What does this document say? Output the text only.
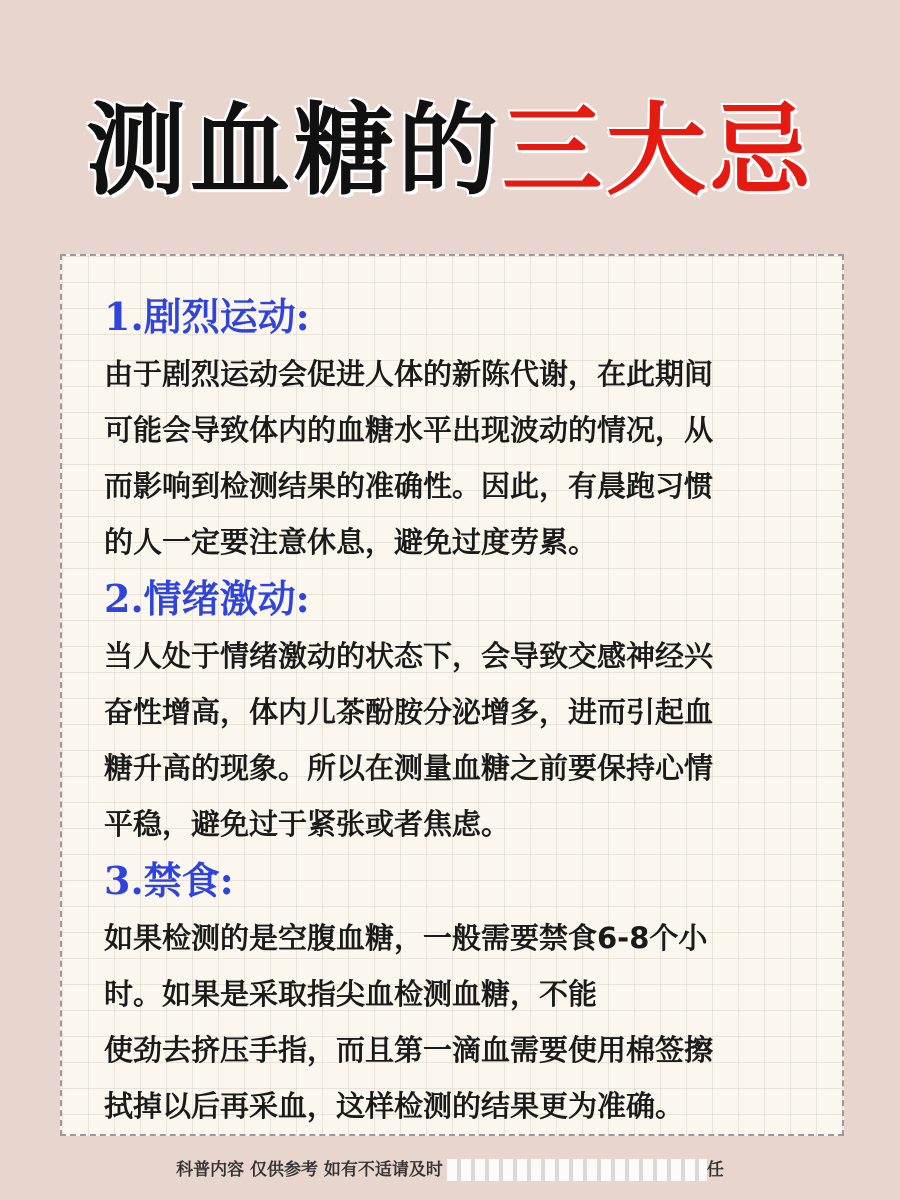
测血糖的三大忌
1.剧烈运动:
由于剧烈运动会促进人体的新陈代谢，在此期间
可能会导致体内的血糖水平出现波动的情况，从
而影响到检测结果的准确性。因此，有晨跑习惯
的人一定要注意休息，避免过度劳累。
2.情绪激动:
当人处于情绪激动的状态下，会导致交感神经兴
奋性增高，体内儿茶酚胺分泌增多，进而引起血
糖升高的现象。所以在测量血糖之前要保持心情
平稳，避免过于紧张或者焦虑。
3.禁食:
如果检测的是空腹血糖，一般需要禁食6-8个小
时。如果是采取指尖血检测血糖，不能
使劲去挤压手指，而且第一滴血需要使用棉签擦
拭掉以后再采血，这样检测的结果更为准确。
科普内容 仅供参考 如有不适请及时	任
